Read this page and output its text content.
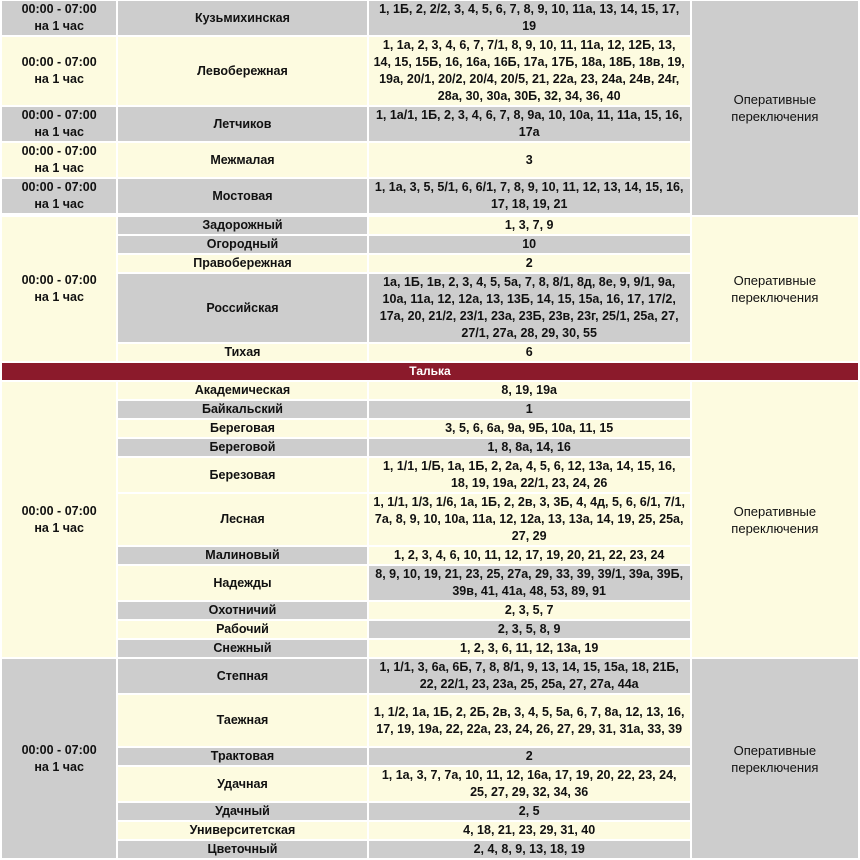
00:00 - 07:00
на 1 час	Кузьмихинская	1, 1Б, 2, 2/2, 3, 4, 5, 6, 7, 8, 9, 10, 11а, 13, 14, 15, 17, 19	Оперативные переключения
00:00 - 07:00
на 1 час	Левобережная	1, 1а, 2, 3, 4, 6, 7, 7/1, 8, 9, 10, 11, 11а, 12, 12Б, 13, 14, 15, 15Б, 16, 16а, 16Б, 17а, 17Б, 18а, 18Б, 18в, 19, 19а, 20/1, 20/2, 20/4, 20/5, 21, 22а, 23, 24а, 24в, 24г, 28а, 30, 30а, 30Б, 32, 34, 36, 40	
00:00 - 07:00
на 1 час	Летчиков	1, 1а/1, 1Б, 2, 3, 4, 6, 7, 8, 9а, 10, 10а, 11, 11а, 15, 16, 17а	
00:00 - 07:00
на 1 час	Межмалая	3	
00:00 - 07:00
на 1 час	Мостовая	1, 1а, 3, 5, 5/1, 6, 6/1, 7, 8, 9, 10, 11, 12, 13, 14, 15, 16, 17, 18, 19, 21	

00:00 - 07:00
на 1 час	Задорожный	1, 3, 7, 9	Оперативные переключения
	Огородный	10	
	Правобережная	2	
	Российская	1а, 1Б, 1в, 2, 3, 4, 5, 5а, 7, 8, 8/1, 8д, 8е, 9, 9/1, 9а, 10а, 11а, 12, 12а, 13, 13Б, 14, 15, 15а, 16, 17, 17/2, 17а, 20, 21/2, 23/1, 23а, 23Б, 23в, 23г, 25/1, 25а, 27, 27/1, 27а, 28, 29, 30, 55	
	Тихая	6	
Талька			
00:00 - 07:00
на 1 час	Академическая	8, 19, 19а	Оперативные переключения
	Байкальский	1	
	Береговая	3, 5, 6, 6а, 9а, 9Б, 10а, 11, 15	
	Береговой	1, 8, 8а, 14, 16	
	Березовая	1, 1/1, 1/Б, 1а, 1Б, 2, 2а, 4, 5, 6, 12, 13а, 14, 15, 16, 18, 19, 19а, 22/1, 23, 24, 26	
	Лесная	1, 1/1, 1/3, 1/6, 1а, 1Б, 2, 2в, 3, 3Б, 4, 4д, 5, 6, 6/1, 7/1, 7а, 8, 9, 10, 10а, 11а, 12, 12а, 13, 13а, 14, 19, 25, 25а, 27, 29	
	Малиновый	1, 2, 3, 4, 6, 10, 11, 12, 17, 19, 20, 21, 22, 23, 24	
	Надежды	8, 9, 10, 19, 21, 23, 25, 27а, 29, 33, 39, 39/1, 39а, 39Б, 39в, 41, 41а, 48, 53, 89, 91	
	Охотничий	2, 3, 5, 7	
	Рабочий	2, 3, 5, 8, 9	
	Снежный	1, 2, 3, 6, 11, 12, 13а, 19	
00:00 - 07:00
на 1 час	Степная	1, 1/1, 3, 6а, 6Б, 7, 8, 8/1, 9, 13, 14, 15, 15а, 18, 21Б, 22, 22/1, 23, 23а, 25, 25а, 27, 27а, 44а	Оперативные переключения
	Таежная	1, 1/2, 1а, 1Б, 2, 2Б, 2в, 3, 4, 5, 5а, 6, 7, 8а, 12, 13, 16, 17, 19, 19а, 22, 22а, 23, 24, 26, 27, 29, 31, 31а, 33, 39	
	Трактовая	2	
	Удачная	1, 1а, 3, 7, 7а, 10, 11, 12, 16а, 17, 19, 20, 22, 23, 24, 25, 27, 29, 32, 34, 36	
	Удачный	2, 5	
	Университетская	4, 18, 21, 23, 29, 31, 40	
	Цветочный	2, 4, 8, 9, 13, 18, 19	
